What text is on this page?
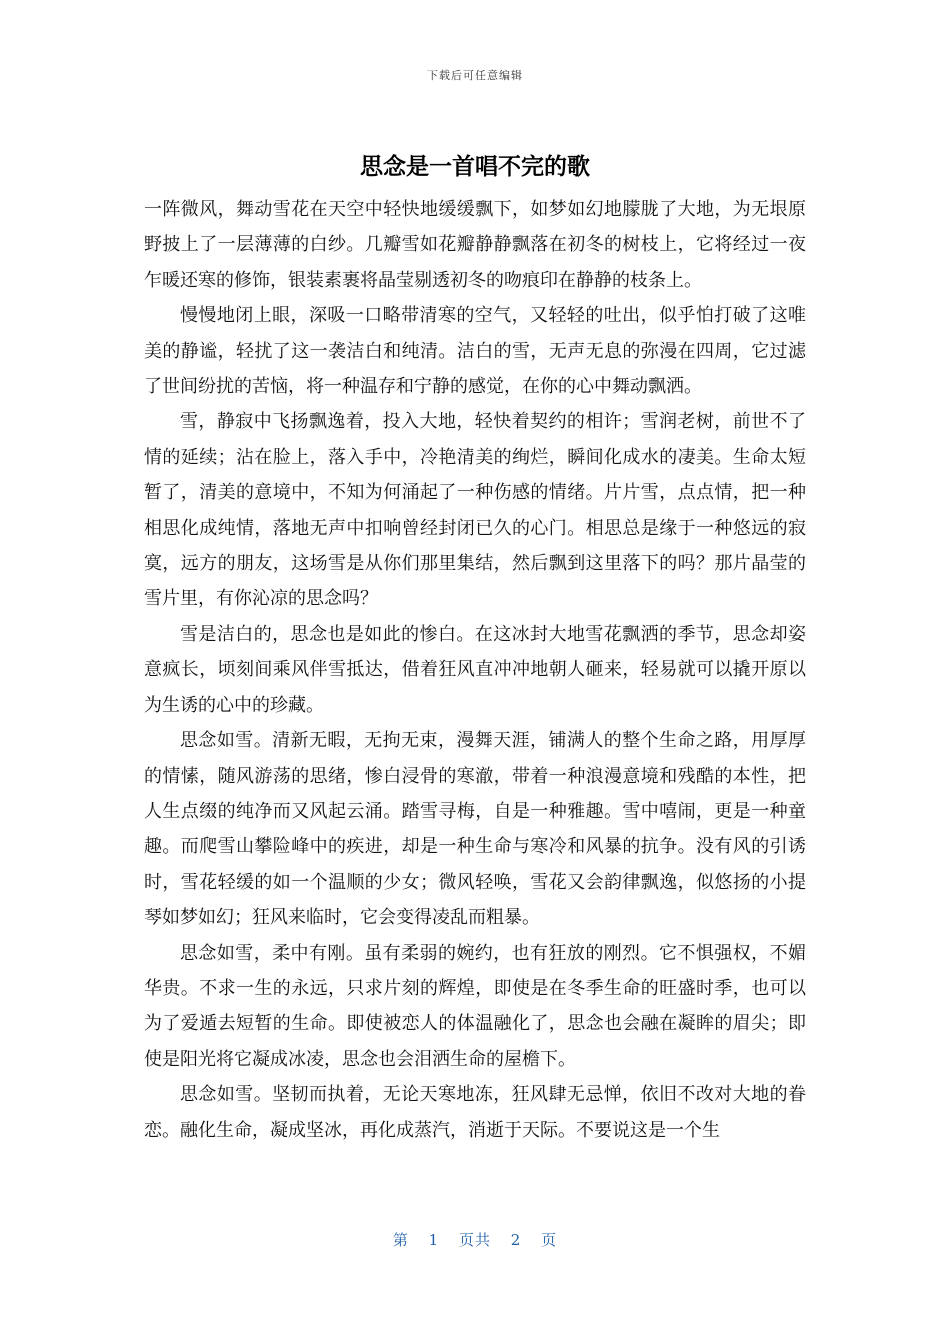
下载后可任意编辑
思念是一首唱不完的歌

一阵微风，舞动雪花在天空中轻快地缓缓飘下，如梦如幻地朦胧了大地，为无垠原野披上了一层薄薄的白纱。几瓣雪如花瓣静静飘落在初冬的树枝上，它将经过一夜乍暖还寒的修饰，银装素裹将晶莹剔透初冬的吻痕印在静静的枝条上。

慢慢地闭上眼，深吸一口略带清寒的空气，又轻轻的吐出，似乎怕打破了这唯美的静谧，轻扰了这一袭洁白和纯清。洁白的雪，无声无息的弥漫在四周，它过滤了世间纷扰的苦恼，将一种温存和宁静的感觉，在你的心中舞动飘洒。

雪，静寂中飞扬飘逸着，投入大地，轻快着契约的相许；雪润老树，前世不了情的延续；沾在脸上，落入手中，冷艳清美的绚烂，瞬间化成水的凄美。生命太短暂了，清美的意境中，不知为何涌起了一种伤感的情绪。片片雪，点点情，把一种相思化成纯情，落地无声中扣响曾经封闭已久的心门。相思总是缘于一种悠远的寂寞，远方的朋友，这场雪是从你们那里集结，然后飘到这里落下的吗？那片晶莹的雪片里，有你沁凉的思念吗？

雪是洁白的，思念也是如此的惨白。在这冰封大地雪花飘洒的季节，思念却姿意疯长，顷刻间乘风伴雪抵达，借着狂风直冲冲地朝人砸来，轻易就可以撬开原以为生诱的心中的珍藏。

思念如雪。清新无暇，无拘无束，漫舞天涯，铺满人的整个生命之路，用厚厚的情愫，随风游荡的思绪，惨白浸骨的寒澈，带着一种浪漫意境和残酷的本性，把人生点缀的纯净而又风起云涌。踏雪寻梅，自是一种雅趣。雪中嘻闹，更是一种童趣。而爬雪山攀险峰中的疾进，却是一种生命与寒冷和风暴的抗争。没有风的引诱时，雪花轻缓的如一个温顺的少女；微风轻唤，雪花又会韵律飘逸，似悠扬的小提琴如梦如幻；狂风来临时，它会变得凌乱而粗暴。

思念如雪，柔中有刚。虽有柔弱的婉约，也有狂放的刚烈。它不惧强权，不媚华贵。不求一生的永远，只求片刻的辉煌，即使是在冬季生命的旺盛时季，也可以为了爱遁去短暂的生命。即使被恋人的体温融化了，思念也会融在凝眸的眉尖；即使是阳光将它凝成冰凌，思念也会泪洒生命的屋檐下。

思念如雪。坚韧而执着，无论天寒地冻，狂风肆无忌惮，依旧不改对大地的眷恋。融化生命，凝成坚冰，再化成蒸汽，消逝于天际。不要说这是一个生

第 1 页共 2 页
